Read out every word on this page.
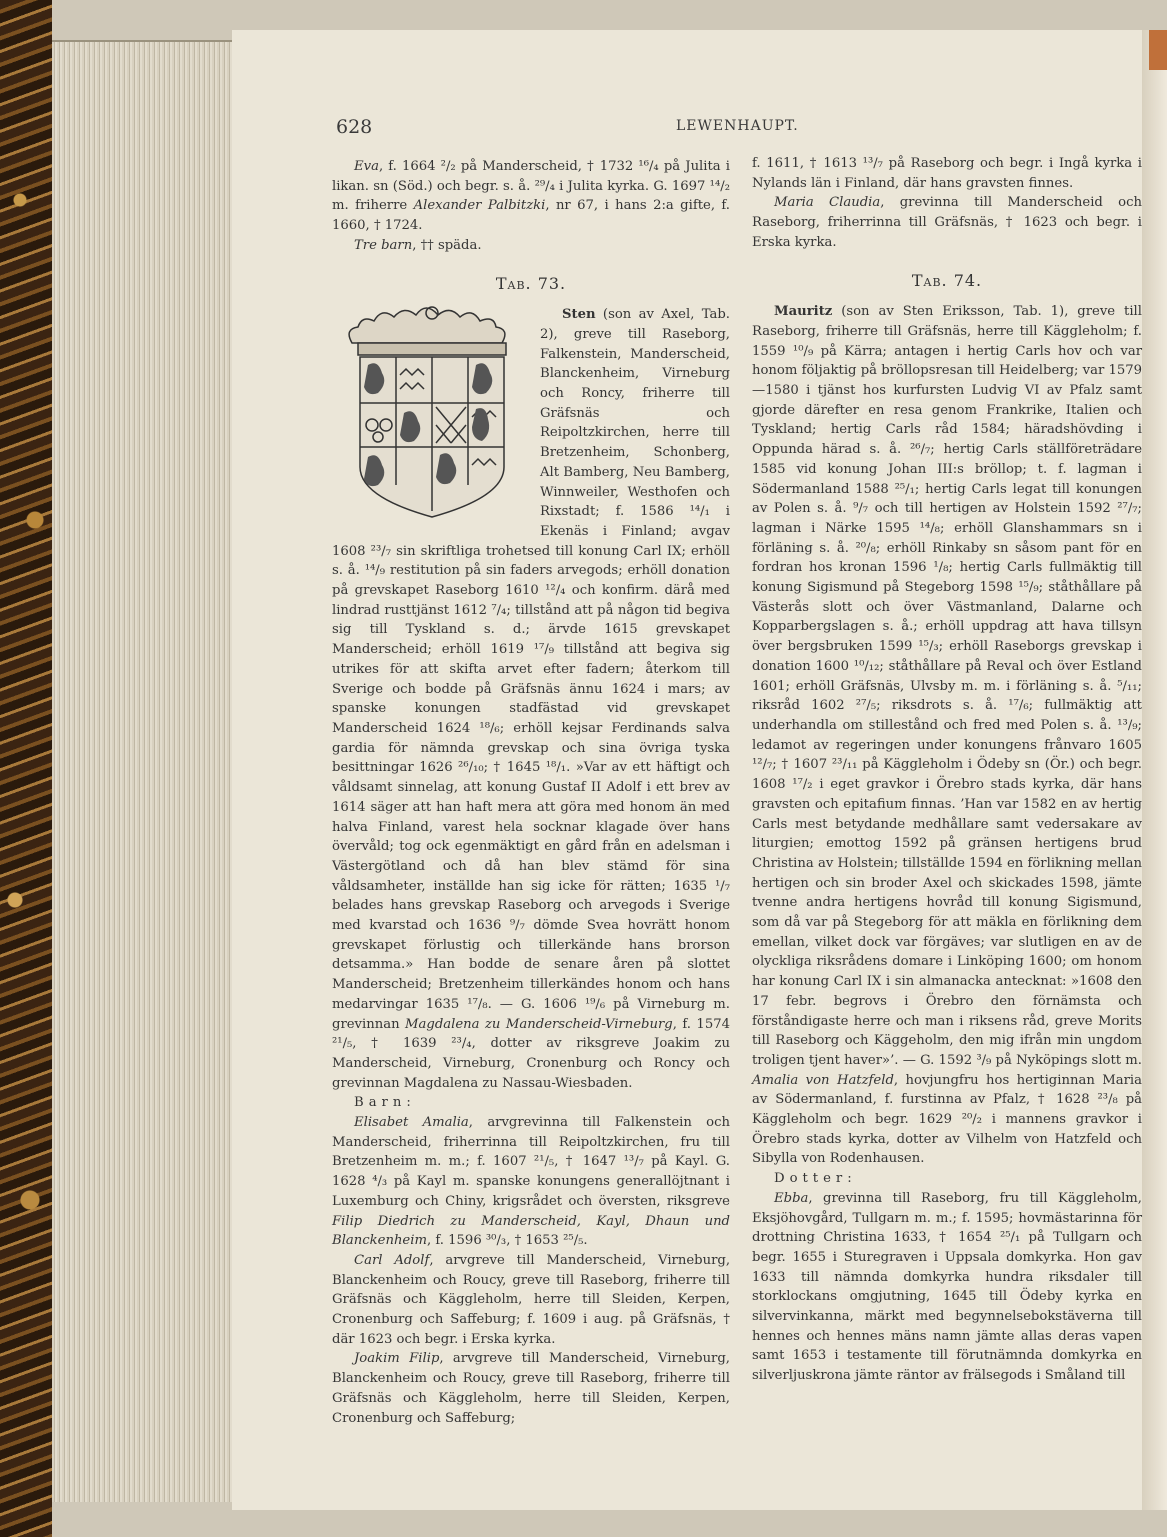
628	LEWENHAUPT.

Eva, f. 1664 ²/₂ på Manderscheid, † 1732 ¹⁶/₄ på Julita i likan. sn (Söd.) och begr. s. å. ²⁹/₄ i Julita kyrka. G. 1697 ¹⁴/₂ m. friherre Alexander Palbitzki, nr 67, i hans 2:a gifte, f. 1660, † 1724.

Tre barn, †† späda.

Tab. 73.

Sten (son av Axel, Tab. 2), greve till Raseborg, Falkenstein, Manderscheid, Blanckenheim, Virneburg och Roncy, friherre till Gräfsnäs och Reipoltzkirchen, herre till Bretzenheim, Schonberg, Alt Bamberg, Neu Bamberg, Winnweiler, Westhofen och Rixstadt; f. 1586 ¹⁴/₁ i Ekenäs i Finland; avgav 1608 ²³/₇ sin skriftliga trohetsed till konung Carl IX; erhöll s. å. ¹⁴/₉ restitution på sin faders arvegods; erhöll donation på grevskapet Raseborg 1610 ¹²/₄ och konfirm. därå med lindrad rusttjänst 1612 ⁷/₄; tillstånd att på någon tid begiva sig till Tyskland s. d.; ärvde 1615 grevskapet Manderscheid; erhöll 1619 ¹⁷/₉ tillstånd att begiva sig utrikes för att skifta arvet efter fadern; återkom till Sverige och bodde på Gräfsnäs ännu 1624 i mars; av spanske konungen stadfästad vid grevskapet Manderscheid 1624 ¹⁸/₆; erhöll kejsar Ferdinands salva gardia för nämnda grevskap och sina övriga tyska besittningar 1626 ²⁶/₁₀; † 1645 ¹⁸/₁. »Var av ett häftigt och våldsamt sinnelag, att konung Gustaf II Adolf i ett brev av 1614 säger att han haft mera att göra med honom än med halva Finland, varest hela socknar klagade över hans övervåld; tog ock egenmäktigt en gård från en adelsman i Västergötland och då han blev stämd för sina våldsamheter, inställde han sig icke för rätten; 1635 ¹/₇ belades hans grevskap Raseborg och arvegods i Sverige med kvarstad och 1636 ⁹/₇ dömde Svea hovrätt honom grevskapet förlustig och tillerkände hans brorson detsamma.» Han bodde de senare åren på slottet Manderscheid; Bretzenheim tillerkändes honom och hans medarvingar 1635 ¹⁷/₈. — G. 1606 ¹⁹/₆ på Virneburg m. grevinnan Magdalena zu Manderscheid-Virneburg, f. 1574 ²¹/₅, † 1639 ²³/₄, dotter av riksgreve Joakim zu Manderscheid, Virneburg, Cronenburg och Roncy och grevinnan Magdalena zu Nassau-Wiesbaden.

Barn:

Elisabet Amalia, arvgrevinna till Falkenstein och Manderscheid, friherrinna till Reipoltzkirchen, fru till Bretzenheim m. m.; f. 1607 ²¹/₅, † 1647 ¹³/₇ på Kayl. G. 1628 ⁴/₃ på Kayl m. spanske konungens generallöjtnant i Luxemburg och Chiny, krigsrådet och översten, riksgreve Filip Diedrich zu Manderscheid, Kayl, Dhaun und Blanckenheim, f. 1596 ³⁰/₃, † 1653 ²⁵/₅.

Carl Adolf, arvgreve till Manderscheid, Virneburg, Blanckenheim och Roucy, greve till Raseborg, friherre till Gräfsnäs och Käggleholm, herre till Sleiden, Kerpen, Cronenburg och Saffeburg; f. 1609 i aug. på Gräfsnäs, † där 1623 och begr. i Erska kyrka.

Joakim Filip, arvgreve till Manderscheid, Virneburg, Blanckenheim och Roucy, greve till Raseborg, friherre till Gräfsnäs och Käggleholm, herre till Sleiden, Kerpen, Cronenburg och Saffeburg;

f. 1611, † 1613 ¹³/₇ på Raseborg och begr. i Ingå kyrka i Nylands län i Finland, där hans gravsten finnes.

Maria Claudia, grevinna till Manderscheid och Raseborg, friherrinna till Gräfsnäs, † 1623 och begr. i Erska kyrka.

Tab. 74.

Mauritz (son av Sten Eriksson, Tab. 1), greve till Raseborg, friherre till Gräfsnäs, herre till Käggleholm; f. 1559 ¹⁰/₉ på Kärra; antagen i hertig Carls hov och var honom följaktig på bröllopsresan till Heidelberg; var 1579—1580 i tjänst hos kurfursten Ludvig VI av Pfalz samt gjorde därefter en resa genom Frankrike, Italien och Tyskland; hertig Carls råd 1584; häradshövding i Oppunda härad s. å. ²⁶/₇; hertig Carls ställföreträdare 1585 vid konung Johan III:s bröllop; t. f. lagman i Södermanland 1588 ²⁵/₁; hertig Carls legat till konungen av Polen s. å. ⁹/₇ och till hertigen av Holstein 1592 ²⁷/₇; lagman i Närke 1595 ¹⁴/₈; erhöll Glanshammars sn i förläning s. å. ²⁰/₈; erhöll Rinkaby sn såsom pant för en fordran hos kronan 1596 ¹/₈; hertig Carls fullmäktig till konung Sigismund på Stegeborg 1598 ¹⁵/₉; ståthållare på Västerås slott och över Västmanland, Dalarne och Kopparbergslagen s. å.; erhöll uppdrag att hava tillsyn över bergsbruken 1599 ¹⁵/₃; erhöll Raseborgs grevskap i donation 1600 ¹⁰/₁₂; ståthållare på Reval och över Estland 1601; erhöll Gräfsnäs, Ulvsby m. m. i förläning s. å. ⁵/₁₁; riksråd 1602 ²⁷/₅; riksdrots s. å. ¹⁷/₆; fullmäktig att underhandla om stillestånd och fred med Polen s. å. ¹³/₉; ledamot av regeringen under konungens frånvaro 1605 ¹²/₇; † 1607 ²³/₁₁ på Käggleholm i Ödeby sn (Ör.) och begr. 1608 ¹⁷/₂ i eget gravkor i Örebro stads kyrka, där hans gravsten och epitafium finnas. ’Han var 1582 en av hertig Carls mest betydande medhållare samt vedersakare av liturgien; emottog 1592 på gränsen hertigens brud Christina av Holstein; tillställde 1594 en förlikning mellan hertigen och sin broder Axel och skickades 1598, jämte tvenne andra hertigens hovråd till konung Sigismund, som då var på Stegeborg för att mäkla en förlikning dem emellan, vilket dock var förgäves; var slutligen en av de olyckliga riksrådens domare i Linköping 1600; om honom har konung Carl IX i sin almanacka antecknat: »1608 den 17 febr. begrovs i Örebro den förnämsta och förståndigaste herre och man i riksens råd, greve Morits till Raseborg och Käggeholm, den mig ifrån min ungdom troligen tjent haver»’. — G. 1592 ³/₉ på Nyköpings slott m. Amalia von Hatzfeld, hovjungfru hos hertiginnan Maria av Södermanland, f. furstinna av Pfalz, † 1628 ²³/₈ på Käggleholm och begr. 1629 ²⁰/₂ i mannens gravkor i Örebro stads kyrka, dotter av Vilhelm von Hatzfeld och Sibylla von Rodenhausen.

Dotter:

Ebba, grevinna till Raseborg, fru till Käggleholm, Eksjöhovgård, Tullgarn m. m.; f. 1595; hovmästarinna för drottning Christina 1633, † 1654 ²⁵/₁ på Tullgarn och begr. 1655 i Sturegraven i Uppsala domkyrka. Hon gav 1633 till nämnda domkyrka hundra riksdaler till storklockans omgjutning, 1645 till Ödeby kyrka en silvervinkanna, märkt med begynnelsebokstäverna till hennes och hennes mäns namn jämte allas deras vapen samt 1653 i testamente till förutnämnda domkyrka en silverljuskrona jämte räntor av frälsegods i Småland till
